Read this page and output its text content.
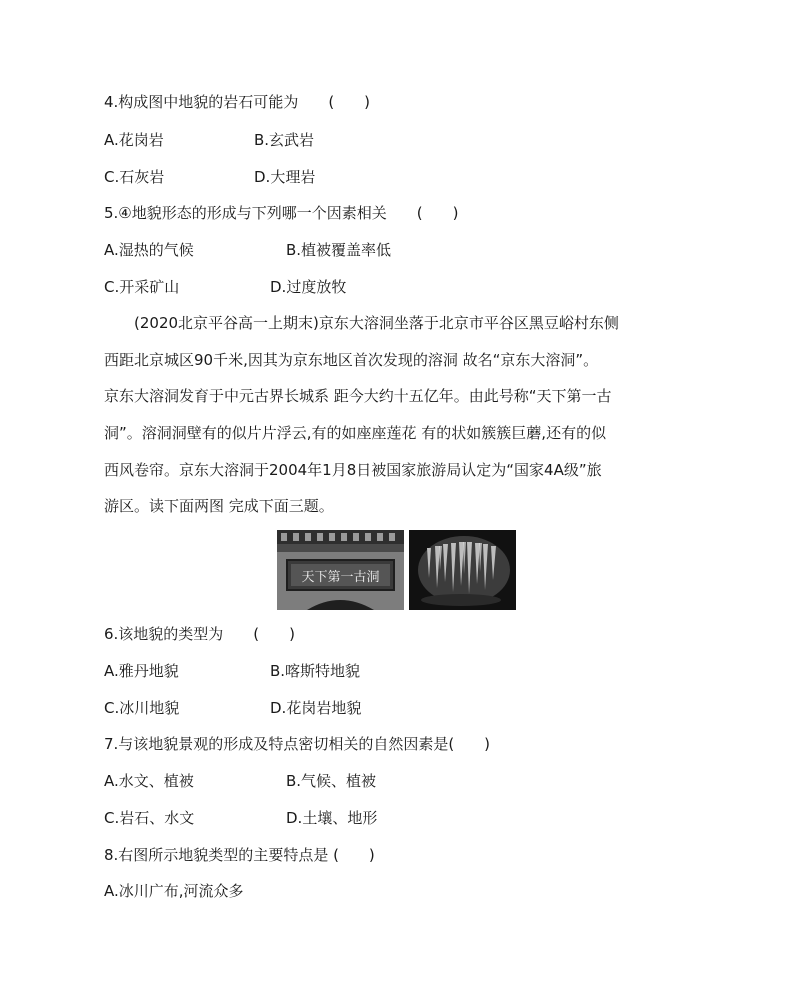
4.构成图中地貌的岩石可能为　　(　　)
A.花岗岩	B.玄武岩
C.石灰岩	D.大理岩
5.④地貌形态的形成与下列哪一个因素相关　　(　　)
A.湿热的气候	B.植被覆盖率低
C.开采矿山	D.过度放牧
　　(2020北京平谷高一上期末)京东大溶洞坐落于北京市平谷区黑豆峪村东侧
西距北京城区90千米,因其为京东地区首次发现的溶洞 故名“京东大溶洞”。
京东大溶洞发育于中元古界长城系 距今大约十五亿年。由此号称“天下第一古
洞”。溶洞洞壁有的似片片浮云,有的如座座莲花 有的状如簇簇巨蘑,还有的似
西风卷帘。京东大溶洞于2004年1月8日被国家旅游局认定为“国家4A级”旅
游区。读下面两图 完成下面三题。
天下第一古洞
6.该地貌的类型为　　(　　)
A.雅丹地貌	B.喀斯特地貌
C.冰川地貌	D.花岗岩地貌
7.与该地貌景观的形成及特点密切相关的自然因素是(　　)
A.水文、植被	B.气候、植被
C.岩石、水文	D.土壤、地形
8.右图所示地貌类型的主要特点是 (　　)
A.冰川广布,河流众多
